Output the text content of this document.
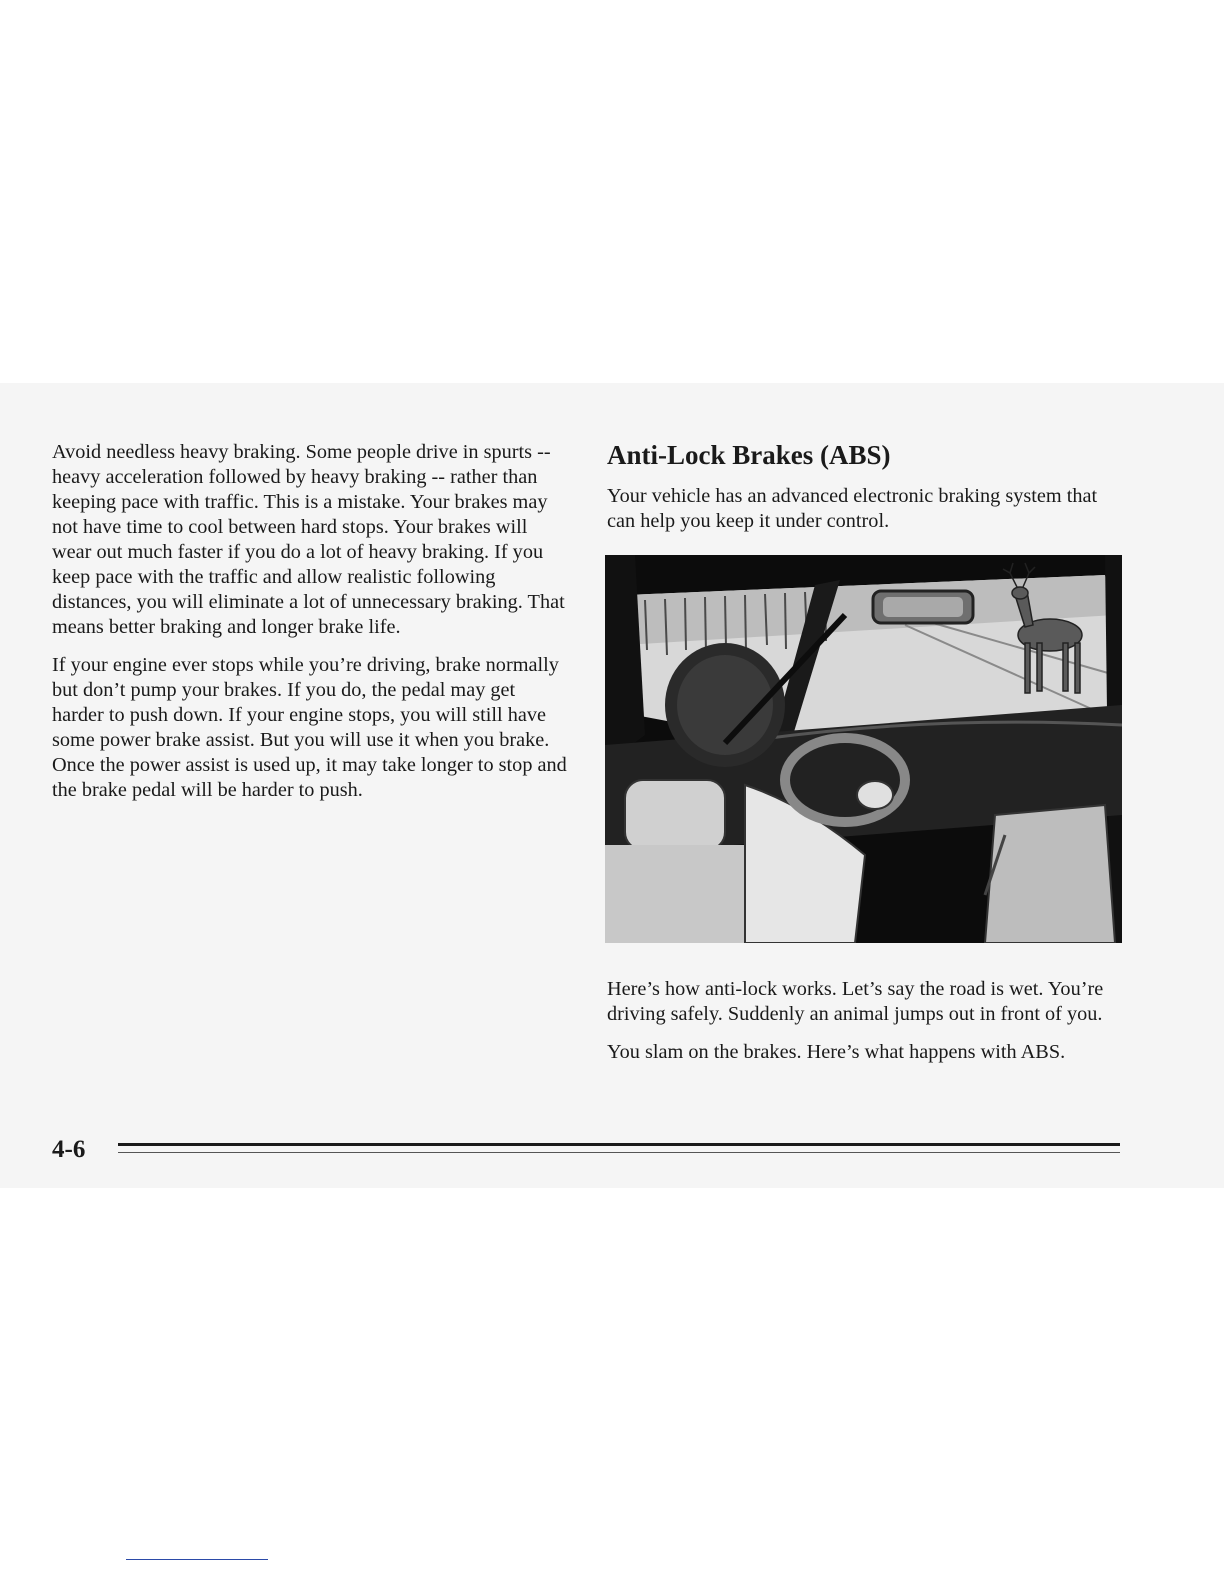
Avoid needless heavy braking. Some people drive in spurts -- heavy acceleration followed by heavy braking -- rather than keeping pace with traffic. This is a mistake. Your brakes may not have time to cool between hard stops. Your brakes will wear out much faster if you do a lot of heavy braking. If you keep pace with the traffic and allow realistic following distances, you will eliminate a lot of unnecessary braking. That means better braking and longer brake life.

If your engine ever stops while you’re driving, brake normally but don’t pump your brakes. If you do, the pedal may get harder to push down. If your engine stops, you will still have some power brake assist. But you will use it when you brake. Once the power assist is used up, it may take longer to stop and the brake pedal will be harder to push.

Anti-Lock Brakes (ABS)

Your vehicle has an advanced electronic braking system that can help you keep it under control.

Here’s how anti-lock works. Let’s say the road is wet. You’re driving safely. Suddenly an animal jumps out in front of you.

You slam on the brakes. Here’s what happens with ABS.

4-6
